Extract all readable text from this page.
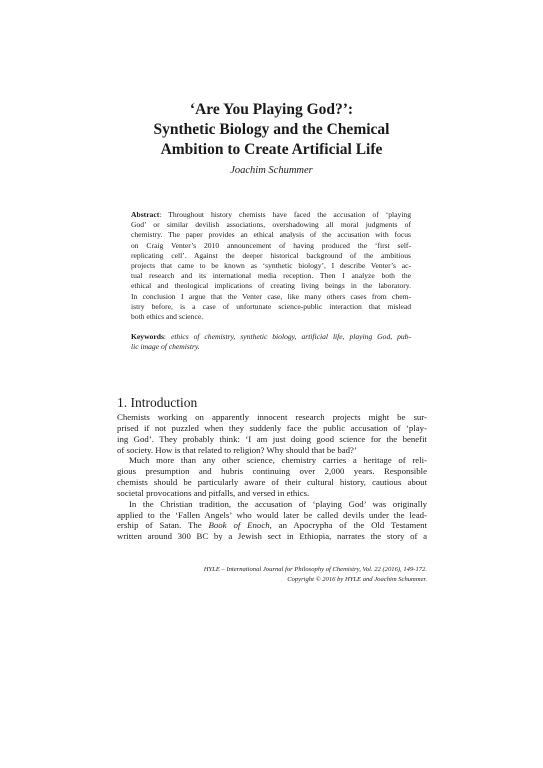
‘Are You Playing God?’:
Synthetic Biology and the Chemical
Ambition to Create Artificial Life
Joachim Schummer
Abstract: Throughout history chemists have faced the accusation of ‘playing
God’ or similar devilish associations, overshadowing all moral judgments of
chemistry. The paper provides an ethical analysis of the accusation with focus
on Craig Venter’s 2010 announcement of having produced the ‘first self-
replicating cell’. Against the deeper historical background of the ambitious
projects that came to be known as ‘synthetic biology’, I describe Venter’s ac-
tual research and its international media reception. Then I analyze both the
ethical and theological implications of creating living beings in the laboratory.
In conclusion I argue that the Venter case, like many others cases from chem-
istry before, is a case of unfortunate science-public interaction that mislead
both ethics and science.
Keywords: ethics of chemistry, synthetic biology, artificial life, playing God, pub-
lic image of chemistry.
1. Introduction
Chemists working on apparently innocent research projects might be sur-
prised if not puzzled when they suddenly face the public accusation of ‘play-
ing God’. They probably think: ‘I am just doing good science for the benefit
of society. How is that related to religion? Why should that be bad?’
Much more than any other science, chemistry carries a heritage of reli-
gious presumption and hubris continuing over 2,000 years. Responsible
chemists should be particularly aware of their cultural history, cautious about
societal provocations and pitfalls, and versed in ethics.
In the Christian tradition, the accusation of ‘playing God’ was originally
applied to the ‘Fallen Angels’ who would later be called devils under the lead-
ership of Satan. The Book of Enoch, an Apocrypha of the Old Testament
written around 300 BC by a Jewish sect in Ethiopia, narrates the story of a
HYLE – International Journal for Philosophy of Chemistry, Vol. 22 (2016), 149-172.
Copyright © 2016 by HYLE and Joachim Schummer.
